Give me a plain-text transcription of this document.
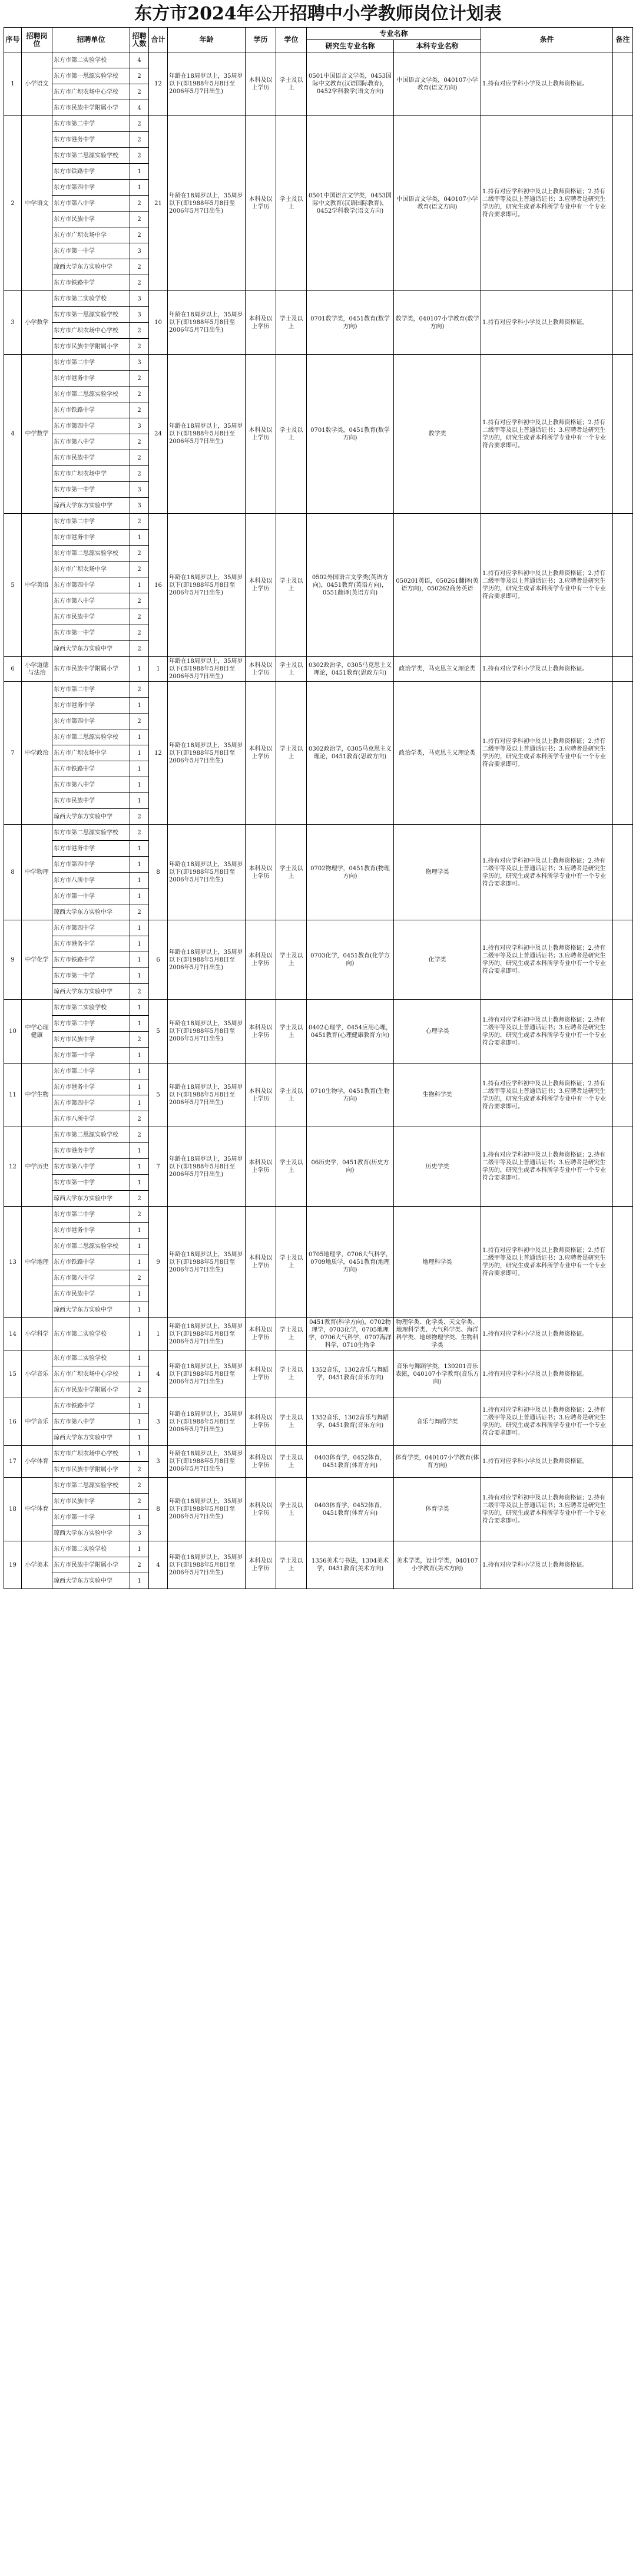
东方市2024年公开招聘中小学教师岗位计划表
序号	招聘岗位	招聘单位	招聘人数	合计	年龄	学历	学位	专业名称		条件	备注
								研究生专业名称	本科专业名称		
1	小学语文	东方市第二实验学校	4	12	年龄在18周岁以上，35周岁以下(即1988年5月8日至2006年5月7日出生)	本科及以上学历	学士及以上	0501中国语言文学类，0453国际中文教育(汉语国际教育)，0452学科教学(语文方向)	中国语言文学类，040107小学教育(语文方向)	1.持有对应学科小学及以上教师资格证。	
		东方市第一思源实验学校	2								
		东方市广坝农场中心学校	2								
		东方市民族中学附属小学	4								
2	中学语文	东方市第二中学	2	21	年龄在18周岁以上，35周岁以下(即1988年5月8日至2006年5月7日出生)	本科及以上学历	学士及以上	0501中国语言文学类，0453国际中文教育(汉语国际教育)，0452学科教学(语文方向)	中国语言文学类，040107小学教育(语文方向)	1.持有对应学科初中及以上教师资格证；2.持有二级甲等及以上普通话证书；3.应聘者是研究生学历的，研究生或者本科所学专业中有一个专业符合要求即可。	
		东方市港务中学	2								
		东方市第二思源实验学校	2								
		东方市铁路中学	1								
		东方市第四中学	1								
		东方市第八中学	2								
		东方市民族中学	2								
		东方市广坝农场中学	2								
		东方市第一中学	3								
		琼西大学东方实验中学	2								
		东方市铁路中学	2								
3	小学数学	东方市第二实验学校	3	10	年龄在18周岁以上，35周岁以下(即1988年5月8日至2006年5月7日出生)	本科及以上学历	学士及以上	0701数学类，0451教育(数学方向)	数学类，040107小学教育(数学方向)	1.持有对应学科小学及以上教师资格证。	
		东方市第一思源实验学校	3								
		东方市广坝农场中心学校	2								
		东方市民族中学附属小学	2								
4	中学数学	东方市第二中学	3	24	年龄在18周岁以上，35周岁以下(即1988年5月8日至2006年5月7日出生)	本科及以上学历	学士及以上	0701数学类，0451教育(数学方向)	数学类	1.持有对应学科初中及以上教师资格证；2.持有二级甲等及以上普通话证书；3.应聘者是研究生学历的，研究生或者本科所学专业中有一个专业符合要求即可。	
		东方市港务中学	2								
		东方市第二思源实验学校	2								
		东方市铁路中学	2								
		东方市第四中学	3								
		东方市第八中学	2								
		东方市民族中学	2								
		东方市广坝农场中学	2								
		东方市第一中学	3								
		琼西大学东方实验中学	3								
5	中学英语	东方市第二中学	2	16	年龄在18周岁以上，35周岁以下(即1988年5月8日至2006年5月7日出生)	本科及以上学历	学士及以上	0502外国语言文学类(英语方向)，0451教育(英语方向)，0551翻译(英语方向)	050201英语，050261翻译(英语方向)，050262商务英语	1.持有对应学科初中及以上教师资格证；2.持有二级甲等及以上普通话证书；3.应聘者是研究生学历的，研究生或者本科所学专业中有一个专业符合要求即可。	
		东方市港务中学	1								
		东方市第二思源实验学校	2								
		东方市广坝农场中学	2								
		东方市第四中学	1								
		东方市第八中学	2								
		东方市民族中学	2								
		东方市第一中学	2								
		琼西大学东方实验中学	2								
6	小学道德与法治	东方市民族中学附属小学	1	1	年龄在18周岁以上，35周岁以下(即1988年5月8日至2006年5月7日出生)	本科及以上学历	学士及以上	0302政治学，0305马克思主义理论，0451教育(思政方向)	政治学类，马克思主义理论类	1.持有对应学科小学及以上教师资格证。	
7	中学政治	东方市第二中学	2	12	年龄在18周岁以上，35周岁以下(即1988年5月8日至2006年5月7日出生)	本科及以上学历	学士及以上	0302政治学，0305马克思主义理论，0451教育(思政方向)	政治学类，马克思主义理论类	1.持有对应学科初中及以上教师资格证；2.持有二级甲等及以上普通话证书；3.应聘者是研究生学历的，研究生或者本科所学专业中有一个专业符合要求即可。	
		东方市港务中学	1								
		东方市第四中学	2								
		东方市第二思源实验学校	1								
		东方市广坝农场中学	1								
		东方市铁路中学	1								
		东方市第八中学	1								
		东方市民族中学	1								
		琼西大学东方实验中学	2								
8	中学物理	东方市第二思源实验学校	2	8	年龄在18周岁以上，35周岁以下(即1988年5月8日至2006年5月7日出生)	本科及以上学历	学士及以上	0702物理学，0451教育(物理方向)	物理学类	1.持有对应学科初中及以上教师资格证；2.持有二级甲等及以上普通话证书；3.应聘者是研究生学历的，研究生或者本科所学专业中有一个专业符合要求即可。	
		东方市港务中学	1								
		东方市第四中学	1								
		东方市八所中学	1								
		东方市第一中学	1								
		琼西大学东方实验中学	2								
9	中学化学	东方市第四中学	1	6	年龄在18周岁以上，35周岁以下(即1988年5月8日至2006年5月7日出生)	本科及以上学历	学士及以上	0703化学，0451教育(化学方向)	化学类	1.持有对应学科初中及以上教师资格证；2.持有二级甲等及以上普通话证书；3.应聘者是研究生学历的，研究生或者本科所学专业中有一个专业符合要求即可。	
		东方市港务中学	1								
		东方市铁路中学	1								
		东方市第一中学	1								
		琼西大学东方实验中学	2								
10	中学心理健康	东方市第二实验学校	1	5	年龄在18周岁以上，35周岁以下(即1988年5月8日至2006年5月7日出生)	本科及以上学历	学士及以上	0402心理学，0454应用心理，0451教育(心理健康教育方向)	心理学类	1.持有对应学科初中及以上教师资格证；2.持有二级甲等及以上普通话证书；3.应聘者是研究生学历的，研究生或者本科所学专业中有一个专业符合要求即可。	
		东方市第二中学	1								
		东方市民族中学	2								
		东方市第一中学	1								
11	中学生物	东方市第二中学	1	5	年龄在18周岁以上，35周岁以下(即1988年5月8日至2006年5月7日出生)	本科及以上学历	学士及以上	0710生物学，0451教育(生物方向)	生物科学类	1.持有对应学科初中及以上教师资格证；2.持有二级甲等及以上普通话证书；3.应聘者是研究生学历的，研究生或者本科所学专业中有一个专业符合要求即可。	
		东方市港务中学	1								
		东方市第四中学	1								
		东方市八所中学	2								
12	中学历史	东方市第二思源实验学校	2	7	年龄在18周岁以上，35周岁以下(即1988年5月8日至2006年5月7日出生)	本科及以上学历	学士及以上	06历史学，0451教育(历史方向)	历史学类	1.持有对应学科初中及以上教师资格证；2.持有二级甲等及以上普通话证书；3.应聘者是研究生学历的，研究生或者本科所学专业中有一个专业符合要求即可。	
		东方市港务中学	1								
		东方市第八中学	1								
		东方市第一中学	1								
		琼西大学东方实验中学	2								
13	中学地理	东方市第二中学	2	9	年龄在18周岁以上，35周岁以下(即1988年5月8日至2006年5月7日出生)	本科及以上学历	学士及以上	0705地理学，0706大气科学，0709地质学，0451教育(地理方向)	地理科学类	1.持有对应学科初中及以上教师资格证；2.持有二级甲等及以上普通话证书；3.应聘者是研究生学历的，研究生或者本科所学专业中有一个专业符合要求即可。	
		东方市港务中学	1								
		东方市第二思源实验学校	1								
		东方市铁路中学	1								
		东方市第八中学	2								
		东方市民族中学	1								
		琼西大学东方实验中学	1								
14	小学科学	东方市第二实验学校	1	1	年龄在18周岁以上，35周岁以下(即1988年5月8日至2006年5月7日出生)	本科及以上学历	学士及以上	0451教育(科学方向)，0702物理学，0703化学，0705地理学，0706大气科学，0707海洋科学，0710生物学	物理学类、化学类、天文学类、地理科学类、大气科学类、海洋科学类、地球物理学类、生物科学类	1.持有对应学科小学及以上教师资格证。	
15	小学音乐	东方市第二实验学校	1	4	年龄在18周岁以上，35周岁以下(即1988年5月8日至2006年5月7日出生)	本科及以上学历	学士及以上	1352音乐，1302音乐与舞蹈学，0451教育(音乐方向)	音乐与舞蹈学类，130201音乐表演，040107小学教育(音乐方向)	1.持有对应学科小学及以上教师资格证。	
		东方市广坝农场中心学校	1								
		东方市民族中学附属小学	2								
16	中学音乐	东方市铁路中学	1	3	年龄在18周岁以上，35周岁以下(即1988年5月8日至2006年5月7日出生)	本科及以上学历	学士及以上	1352音乐，1302音乐与舞蹈学，0451教育(音乐方向)	音乐与舞蹈学类	1.持有对应学科初中及以上教师资格证；2.持有二级甲等及以上普通话证书；3.应聘者是研究生学历的，研究生或者本科所学专业中有一个专业符合要求即可。	
		东方市第八中学	1								
		琼西大学东方实验中学	1								
17	小学体育	东方市广坝农场中心学校	1	3	年龄在18周岁以上，35周岁以下(即1988年5月8日至2006年5月7日出生)	本科及以上学历	学士及以上	0403体育学，0452体育，0451教育(体育方向)	体育学类，040107小学教育(体育方向)	1.持有对应学科小学及以上教师资格证。	
		东方市民族中学附属小学	2								
18	中学体育	东方市第二思源实验学校	2	8	年龄在18周岁以上，35周岁以下(即1988年5月8日至2006年5月7日出生)	本科及以上学历	学士及以上	0403体育学，0452体育，0451教育(体育方向)	体育学类	1.持有对应学科初中及以上教师资格证；2.持有二级甲等及以上普通话证书；3.应聘者是研究生学历的，研究生或者本科所学专业中有一个专业符合要求即可。	
		东方市民族中学	2								
		东方市第一中学	1								
		琼西大学东方实验中学	3								
19	小学美术	东方市第二实验学校	1	4	年龄在18周岁以上，35周岁以下(即1988年5月8日至2006年5月7日出生)	本科及以上学历	学士及以上	1356美术与书法，1304美术学，0451教育(美术方向)	美术学类，设计学类，040107小学教育(美术方向)	1.持有对应学科小学及以上教师资格证。	
		东方市民族中学附属小学	2								
		琼西大学东方实验中学	1								
